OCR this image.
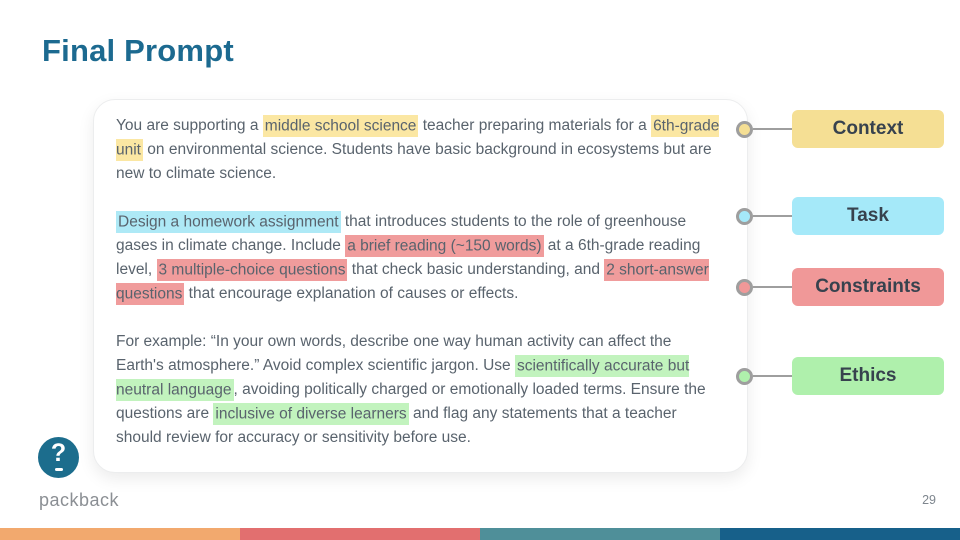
Final Prompt

You are supporting a middle school science teacher preparing materials for a 6th-grade unit on environmental science. Students have basic background in ecosystems but are new to climate science.

Design a homework assignment that introduces students to the role of greenhouse gases in climate change. Include a brief reading (~150 words) at a 6th-grade reading level, 3 multiple-choice questions that check basic understanding, and 2 short-answer questions that encourage explanation of causes or effects.

For example: “In your own words, describe one way human activity can affect the Earth's atmosphere.” Avoid complex scientific jargon. Use scientifically accurate but neutral language , avoiding politically charged or emotionally loaded terms. Ensure the questions are inclusive of diverse learners and flag any statements that a teacher should review for accuracy or sensitivity before use.

Context
Task
Constraints
Ethics
?
packback	29
